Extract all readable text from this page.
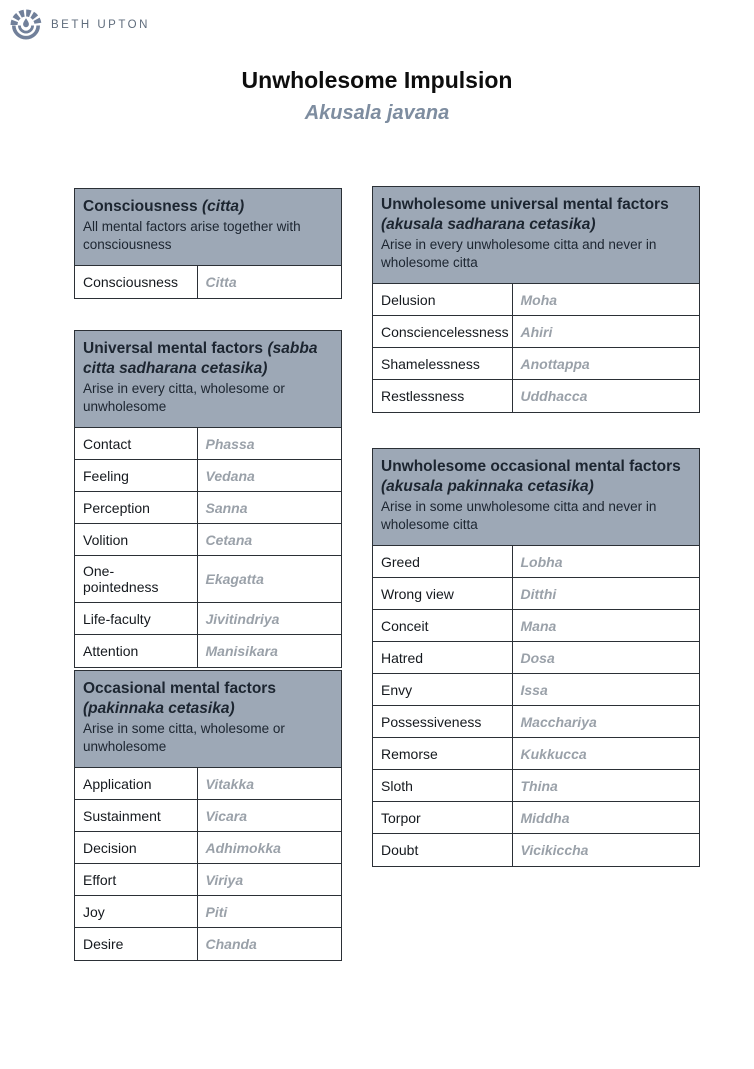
BETH UPTON
Unwholesome Impulsion
Akusala javana
Consciousness (citta)
All mental factors arise together with consciousness
Consciousness	Citta
Unwholesome universal mental factors (akusala sadharana cetasika)
Arise in every unwholesome citta and never in wholesome citta
Delusion	Moha
Consciencelessness	Ahiri
Shamelessness	Anottappa
Restlessness	Uddhacca
Universal mental factors (sabba citta sadharana cetasika)
Arise in every citta, wholesome or unwholesome
Contact	Phassa
Feeling	Vedana
Perception	Sanna
Volition	Cetana
One-pointedness	Ekagatta
Life-faculty	Jivitindriya
Attention	Manisikara
Unwholesome occasional mental factors (akusala pakinnaka cetasika)
Arise in some unwholesome citta and never in wholesome citta
Greed	Lobha
Wrong view	Ditthi
Conceit	Mana
Hatred	Dosa
Envy	Issa
Possessiveness	Macchariya
Remorse	Kukkucca
Sloth	Thina
Torpor	Middha
Doubt	Vicikiccha
Occasional mental factors (pakinnaka cetasika)
Arise in some citta, wholesome or unwholesome
Application	Vitakka
Sustainment	Vicara
Decision	Adhimokka
Effort	Viriya
Joy	Piti
Desire	Chanda
